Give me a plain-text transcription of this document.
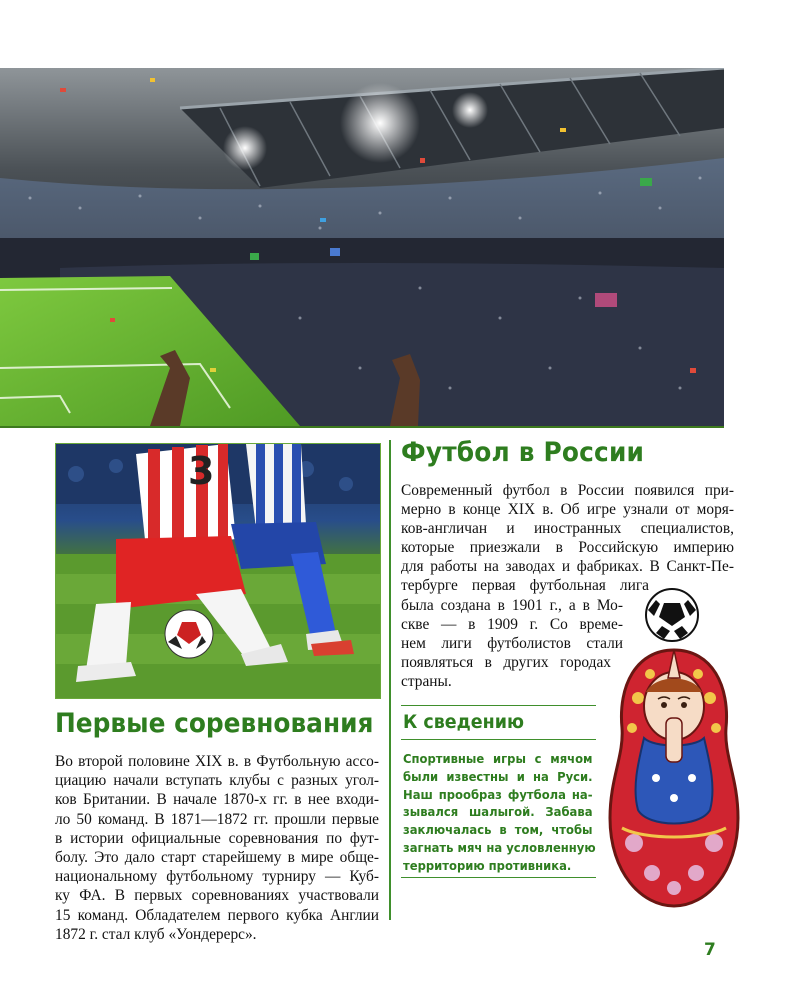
3	Футбол в России

Современный футбол в России появился при-
мерно в конце XIX в. Об игре узнали от моря-
ков-англичан и иностранных специалистов,
которые приезжали в Российскую империю
для работы на заводах и фабриках. В Санкт-Пе-
тербурге первая футбольная лига
была создана в 1901 г., а в Мо-
скве — в 1909 г. Со време-
нем лиги футболистов стали
появляться в других городах
страны.

Первые соревнования

Во второй половине XIX в. в Футбольную ассо-
циацию начали вступать клубы с разных угол-
ков Британии. В начале 1870-х гг. в нее входи-
ло 50 команд. В 1871—1872 гг. прошли первые
в истории официальные соревнования по фут-
болу. Это дало старт старейшему в мире обще-
национальному футбольному турниру — Куб-
ку ФА. В первых соревнованиях участвовали
15 команд. Обладателем первого кубка Англии
1872 г. стал клуб «Уондерерс».

К сведению

Спортивные игры с мячом
были известны и на Руси.
Наш прообраз футбола на-
зывался шалыгой. Забава
заключалась в том, чтобы
загнать мяч на условленную
территорию противника.

7
